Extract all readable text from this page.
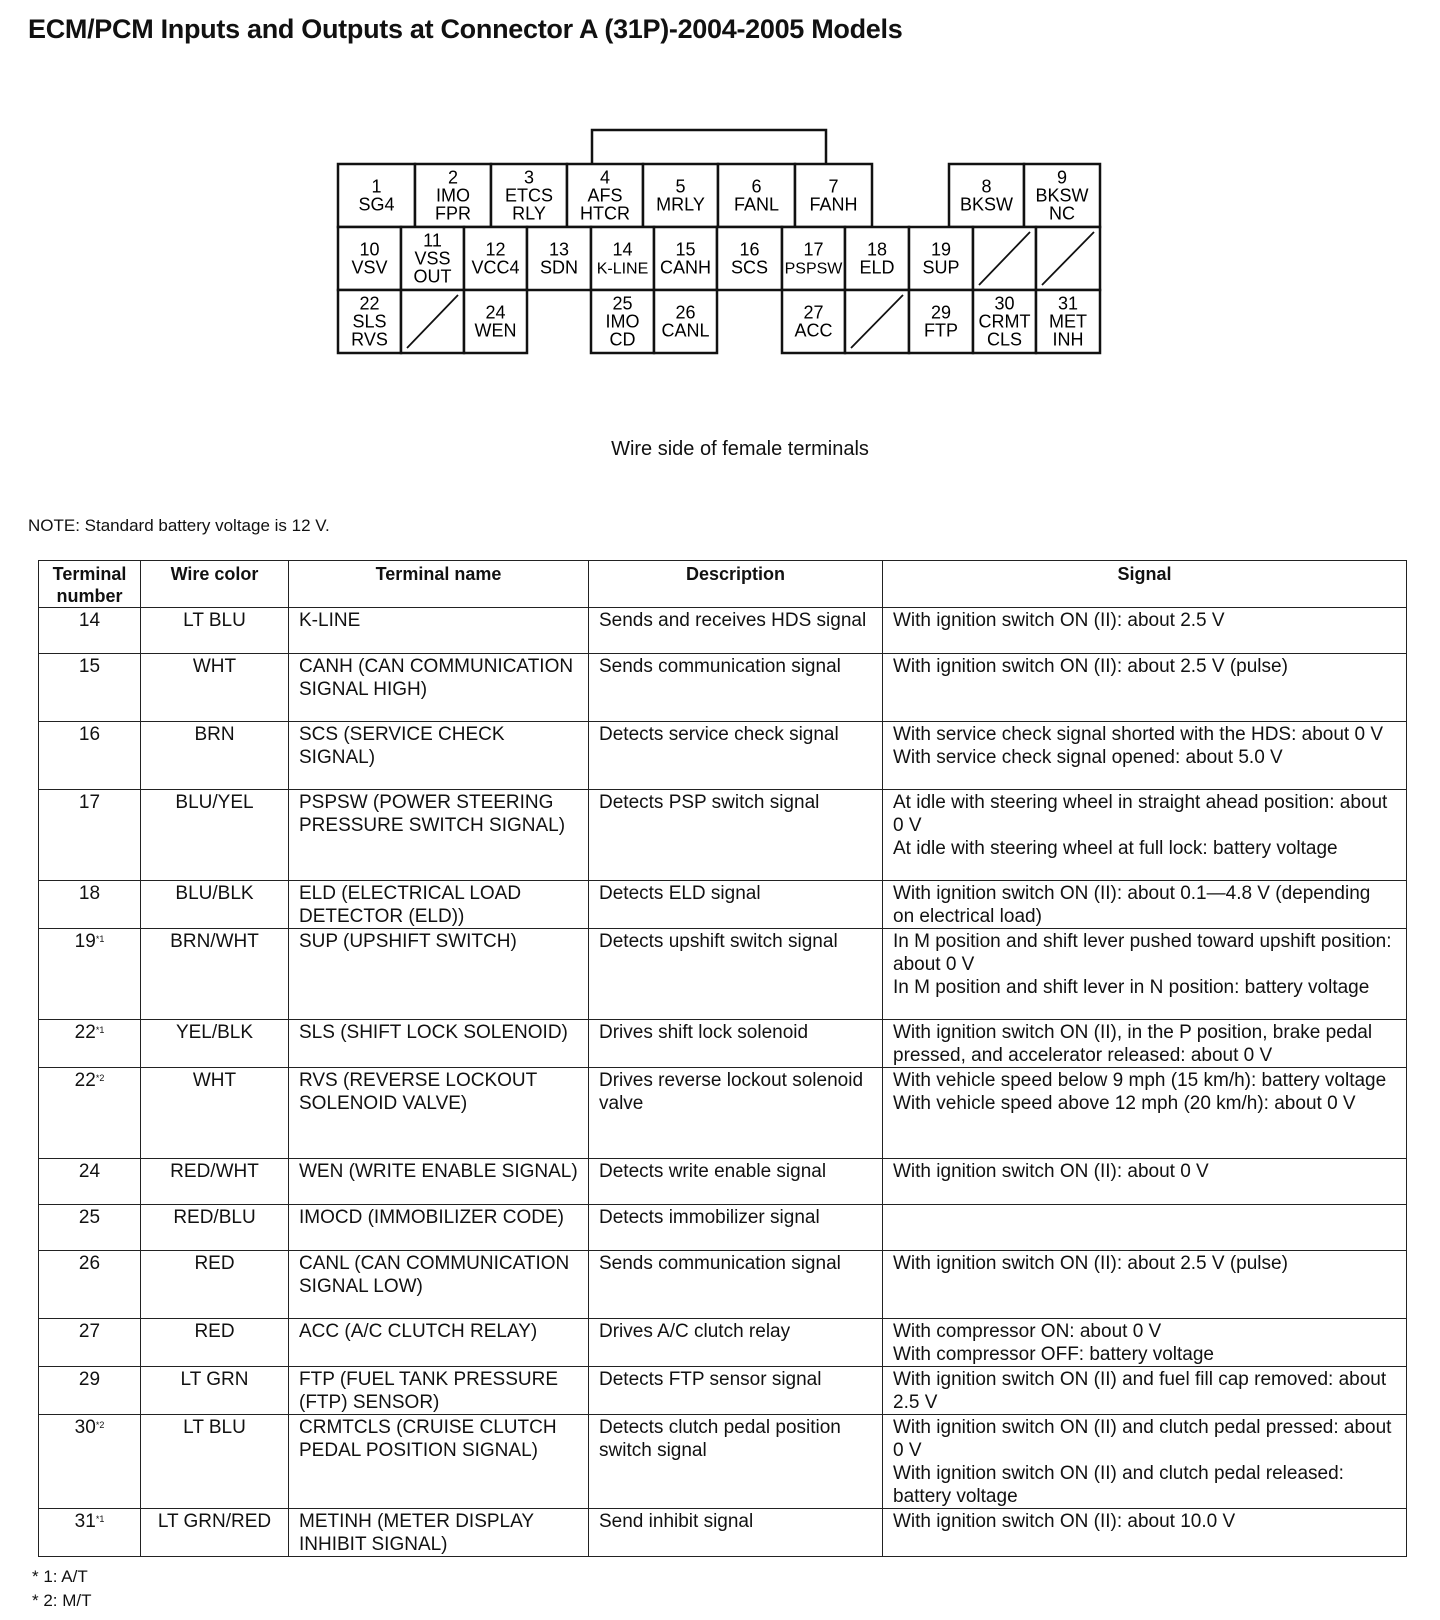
ECM/PCM Inputs and Outputs at Connector A (31P)-2004-2005 Models
1
SG4
2
IMO
FPR
3
ETCS
RLY
4
AFS
HTCR
5
MRLY
6
FANL
7
FANH
8
BKSW
9
BKSW
NC
10
VSV
11
VSS
OUT
12
VCC4
13
SDN
14
K-LINE
15
CANH
16
SCS
17
PSPSW
18
ELD
19
SUP
22
SLS
RVS
24
WEN
25
IMO
CD
26
CANL
27
ACC
29
FTP
30
CRMT
CLS
31
MET
INH
Wire side of female terminals
NOTE: Standard battery voltage is 12 V.
Terminal number	Wire color	Terminal name	Description	Signal
14	LT BLU	K-LINE	Sends and receives HDS signal	With ignition switch ON (II): about 2.5 V

15	WHT	CANH (CAN COMMUNICATION SIGNAL HIGH)	Sends communication signal	With ignition switch ON (II): about 2.5 V (pulse)

16	BRN	SCS (SERVICE CHECK SIGNAL)	Detects service check signal	With service check signal shorted with the HDS: about 0 V
With service check signal opened: about 5.0 V

17	BLU/YEL	PSPSW (POWER STEERING PRESSURE SWITCH SIGNAL)	Detects PSP switch signal	At idle with steering wheel in straight ahead position: about 0 V
At idle with steering wheel at full lock: battery voltage

18	BLU/BLK	ELD (ELECTRICAL LOAD DETECTOR (ELD))	Detects ELD signal	With ignition switch ON (II): about 0.1—4.8 V (depending on electrical load)

19$^{*1}$	BRN/WHT	SUP (UPSHIFT SWITCH)	Detects upshift switch signal	In M position and shift lever pushed toward upshift position: about 0 V
In M position and shift lever in N position: battery voltage

22$^{*1}$	YEL/BLK	SLS (SHIFT LOCK SOLENOID)	Drives shift lock solenoid	With ignition switch ON (II), in the P position, brake pedal pressed, and accelerator released: about 0 V

22$^{*2}$	WHT	RVS (REVERSE LOCKOUT SOLENOID VALVE)	Drives reverse lockout solenoid valve	With vehicle speed below 9 mph (15 km/h): battery voltage
With vehicle speed above 12 mph (20 km/h): about 0 V

24	RED/WHT	WEN (WRITE ENABLE SIGNAL)	Detects write enable signal	With ignition switch ON (II): about 0 V

25	RED/BLU	IMOCD (IMMOBILIZER CODE)	Detects immobilizer signal	
26	RED	CANL (CAN COMMUNICATION SIGNAL LOW)	Sends communication signal	With ignition switch ON (II): about 2.5 V (pulse)

27	RED	ACC (A/C CLUTCH RELAY)	Drives A/C clutch relay	With compressor ON: about 0 V
With compressor OFF: battery voltage

29	LT GRN	FTP (FUEL TANK PRESSURE (FTP) SENSOR)	Detects FTP sensor signal	With ignition switch ON (II) and fuel fill cap removed: about 2.5 V

30$^{*2}$	LT BLU	CRMTCLS (CRUISE CLUTCH PEDAL POSITION SIGNAL)	Detects clutch pedal position switch signal	With ignition switch ON (II) and clutch pedal pressed: about 0 V
With ignition switch ON (II) and clutch pedal released: battery voltage

31$^{*1}$	LT GRN/RED	METINH (METER DISPLAY INHIBIT SIGNAL)	Send inhibit signal	With ignition switch ON (II): about 10.0 V
* 1: A/T
* 2: M/T
